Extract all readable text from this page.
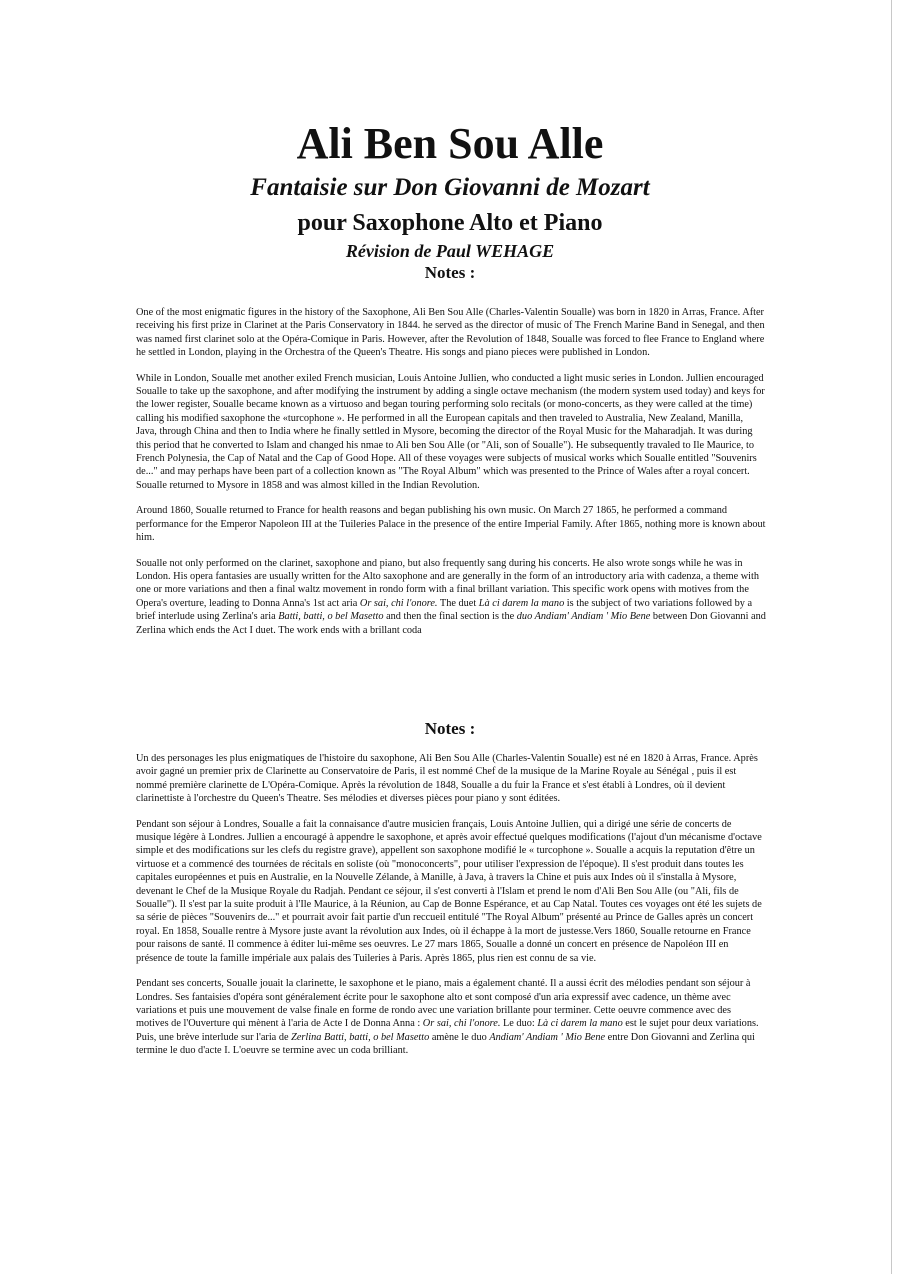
Ali Ben Sou Alle
Fantaisie sur Don Giovanni de Mozart
pour Saxophone Alto et Piano
Révision de Paul WEHAGE
Notes :

One of the most enigmatic figures in the history of the Saxophone, Ali Ben Sou Alle (Charles-Valentin Soualle) was born in 1820 in Arras, France. After receiving his first prize in Clarinet at the Paris Conservatory in 1844. he served as the director of music of The French Marine Band in Senegal, and then was named first clarinet solo at the Opéra-Comique in Paris. However, after the Revolution of 1848, Soualle was forced to flee France to England where he settled in London, playing in the Orchestra of the Queen's Theatre. His songs and piano pieces were published in London.

While in London, Soualle met another exiled French musician, Louis Antoine Jullien, who conducted a light music series in London. Jullien encouraged Soualle to take up the saxophone, and after modifying the instrument by adding a single octave mechanism (the modern system used today) and keys for the lower register, Soualle became known as a virtuoso and began touring performing solo recitals (or mono-concerts, as they were called at the time) calling his modified saxophone the «turcophone ». He performed in all the European capitals and then traveled to Australia, New Zealand, Manilla, Java, through China and then to India where he finally settled in Mysore, becoming the director of the Royal Music for the Maharadjah. It was during this period that he converted to Islam and changed his nmae to Ali ben Sou Alle (or "Ali, son of Soualle"). He subsequently travaled to Ile Maurice, to French Polynesia, the Cap of Natal and the Cap of Good Hope. All of these voyages were subjects of musical works which Soualle entitled "Souvenirs de..." and may perhaps have been part of a collection known as "The Royal Album" which was presented to the Prince of Wales after a royal concert. Soualle returned to Mysore in 1858 and was almost killed in the Indian Revolution.

Around 1860, Soualle returned to France for health reasons and began publishing his own music. On March 27 1865, he performed a command performance for the Emperor Napoleon III at the Tuileries Palace in the presence of the entire Imperial Family. After 1865, nothing more is known about him.

Soualle not only performed on the clarinet, saxophone and piano, but also frequently sang during his concerts. He also wrote songs while he was in London. His opera fantasies are usually written for the Alto saxophone and are generally in the form of an introductory aria with cadenza, a theme with one or more variations and then a final waltz movement in rondo form with a final brillant variation. This specific work opens with motives from the Opera's overture, leading to Donna Anna's 1st act aria Or sai, chi l'onore. The duet Là ci darem la mano is the subject of two variations followed by a brief interlude using Zerlina's aria Batti, batti, o bel Masetto and then the final section is the duo Andiam' Andiam ' Mio Bene between Don Giovanni and Zerlina which ends the Act I duet. The work ends with a brillant coda

Notes :

Un des personages les plus enigmatiques de l'histoire du saxophone, Ali Ben Sou Alle (Charles-Valentin Soualle) est né en 1820 à Arras, France. Après avoir gagné un premier prix de Clarinette au Conservatoire de Paris, il est nommé Chef de la musique de la Marine Royale au Sénégal , puis il est nommé première clarinette de L'Opéra-Comique. Après la révolution de 1848, Soualle a du fuir la France et s'est établi à Londres, où il devient clarinettiste à l'orchestre du Queen's Theatre. Ses mélodies et diverses pièces pour piano y sont éditées.

Pendant son séjour à Londres, Soualle a fait la connaisance d'autre musicien français, Louis Antoine Jullien, qui a dirigé une série de concerts de musique légère à Londres. Jullien a encouragé à appendre le saxophone, et après avoir effectué quelques modifications (l'ajout d'un mécanisme d'octave simple et des modifications sur les clefs du registre grave), appellent son saxophone modifié le « turcophone ». Soualle a acquis la reputation d'être un virtuose et a commencé des tournées de récitals en soliste (où "monoconcerts", pour utiliser l'expression de l'époque). Il s'est produit dans toutes les capitales européennes et puis en Australie, en la Nouvelle Zélande, à Manille, à Java, à travers la Chine et puis aux Indes où il s'installa à Mysore, devenant le Chef de la Musique Royale du Radjah. Pendant ce séjour, il s'est converti à l'Islam et prend le nom d'Ali Ben Sou Alle (ou "Ali, fils de Soualle"). Il s'est par la suite produit à l'Ile Maurice, à la Réunion, au Cap de Bonne Espérance, et au Cap Natal. Toutes ces voyages ont été les sujets de sa série de pièces "Souvenirs de..." et pourrait avoir fait partie d'un reccueil entitulé "The Royal Album" présenté au Prince de Galles après un concert royal. En 1858, Soualle rentre à Mysore juste avant la révolution aux Indes, où il échappe à la mort de justesse.Vers 1860, Soualle retourne en France pour raisons de santé. Il commence à éditer lui-même ses oeuvres. Le 27 mars 1865, Soualle a donné un concert en présence de Napoléon III en présence de toute la famille impériale aux palais des Tuileries à Paris. Après 1865, plus rien est connu de sa vie.

Pendant ses concerts, Soualle jouait la clarinette, le saxophone et le piano, mais a également chanté. Il a aussi écrit des mélodies pendant son séjour à Londres. Ses fantaisies d'opéra sont généralement écrite pour le saxophone alto et sont composé d'un aria expressif avec cadence, un thème avec variations et puis une mouvement de valse finale en forme de rondo avec une variation brillante pour terminer. Cette oeuvre commence avec des motives de l'Ouverture qui mènent à l'aria de Acte I de Donna Anna : Or sai, chi l'onore. Le duo: Là ci darem la mano est le sujet pour deux variations. Puis, une brève interlude sur l'aria de Zerlina Batti, batti, o bel Masetto amène le duo Andiam' Andiam ' Mio Bene entre Don Giovanni and Zerlina qui termine le duo d'acte I. L'oeuvre se termine avec un coda brilliant.
